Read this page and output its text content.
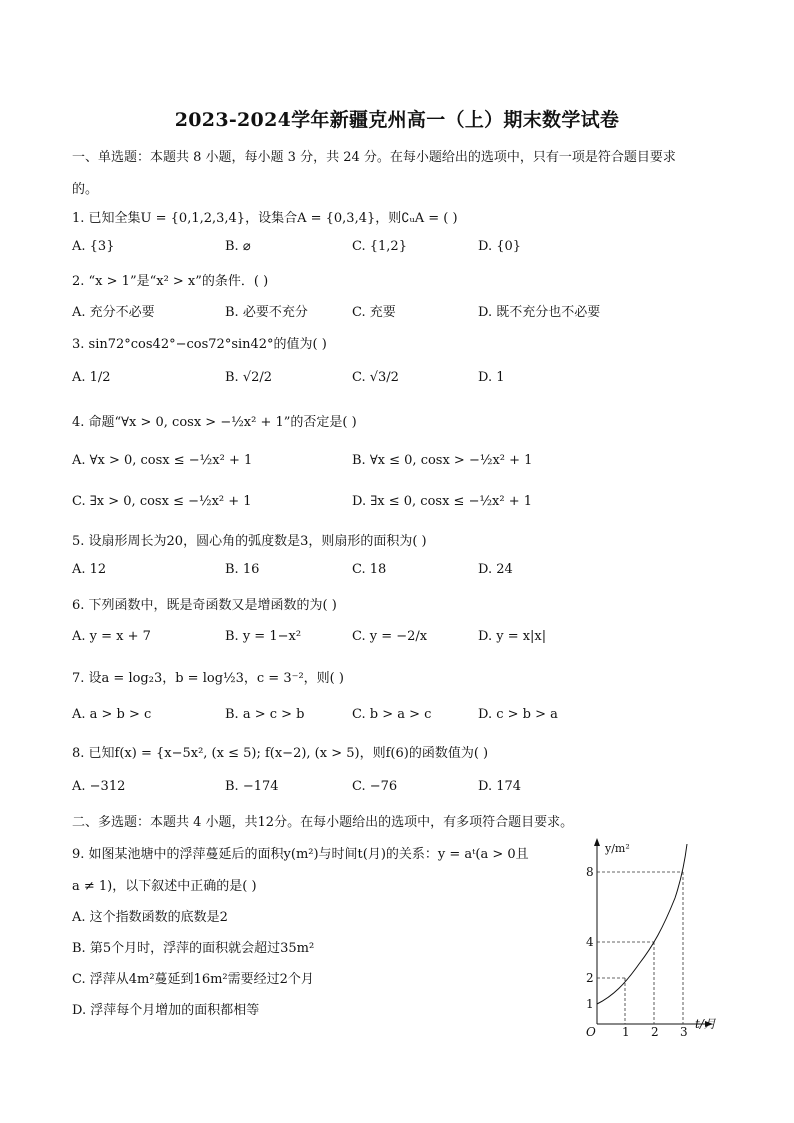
2023-2024学年新疆克州高一（上）期末数学试卷
一、单选题：本题共 8 小题，每小题 3 分，共 24 分。在每小题给出的选项中，只有一项是符合题目要求
的。
1. 已知全集U = {0,1,2,3,4}，设集合A = {0,3,4}，则∁ᵤA = ( )
A. {3}	B. ⌀	C. {1,2}	D. {0}
2. “x > 1”是“x² > x”的条件．( )
A. 充分不必要	B. 必要不充分	C. 充要	D. 既不充分也不必要
3. sin72°cos42°−cos72°sin42°的值为( )
A. 1/2	B. √2/2	C. √3/2	D. 1
4. 命题“∀x > 0, cosx > −½x² + 1”的否定是( )
A. ∀x > 0, cosx ≤ −½x² + 1	B. ∀x ≤ 0, cosx > −½x² + 1
C. ∃x > 0, cosx ≤ −½x² + 1	D. ∃x ≤ 0, cosx ≤ −½x² + 1
5. 设扇形周长为20，圆心角的弧度数是3，则扇形的面积为( )
A. 12	B. 16	C. 18	D. 24
6. 下列函数中，既是奇函数又是增函数的为( )
A. y = x + 7	B. y = 1−x²	C. y = −2/x	D. y = x|x|
7. 设a = log₂3，b = log½3，c = 3⁻²，则( )
A. a > b > c	B. a > c > b	C. b > a > c	D. c > b > a
8. 已知f(x) = {x−5x², (x ≤ 5); f(x−2), (x > 5)，则f(6)的函数值为( )
A. −312	B. −174	C. −76	D. 174
二、多选题：本题共 4 小题，共12分。在每小题给出的选项中，有多项符合题目要求。
9. 如图某池塘中的浮萍蔓延后的面积y(m²)与时间t(月)的关系：y = aᵗ(a > 0且
a ≠ 1)，以下叙述中正确的是( )
A. 这个指数函数的底数是2
B. 第5个月时，浮萍的面积就会超过35m²
C. 浮萍从4m²蔓延到16m²需要经过2个月
D. 浮萍每个月增加的面积都相等
y/m²
t/月
O 1 2 3
1
2
4
8
